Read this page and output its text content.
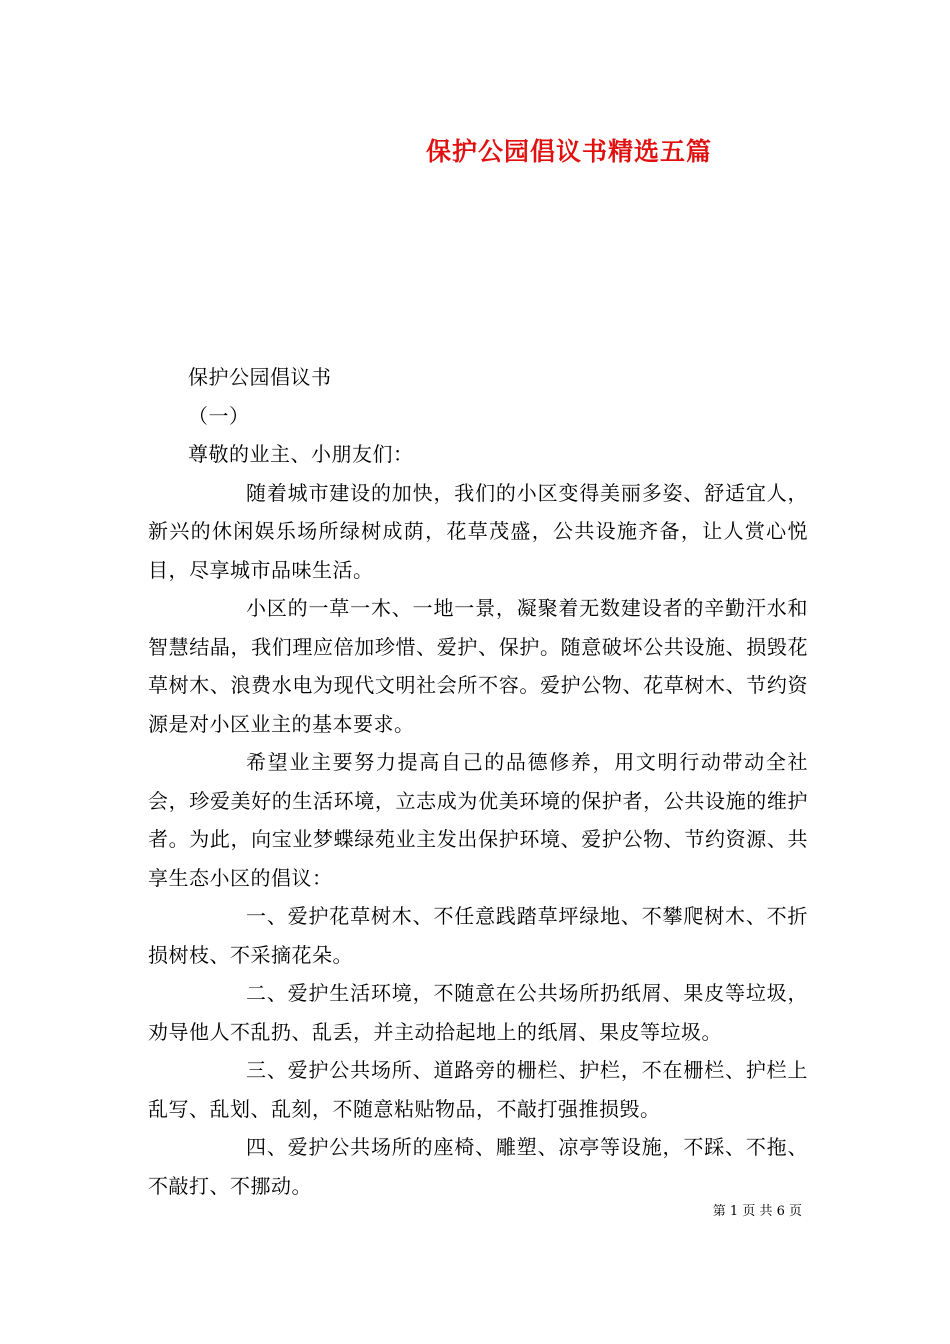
保护公园倡议书精选五篇

保护公园倡议书

（一）

尊敬的业主、小朋友们：

随着城市建设的加快，我们的小区变得美丽多姿、舒适宜人，新兴的休闲娱乐场所绿树成荫，花草茂盛，公共设施齐备，让人赏心悦目，尽享城市品味生活。

小区的一草一木、一地一景，凝聚着无数建设者的辛勤汗水和智慧结晶，我们理应倍加珍惜、爱护、保护。随意破坏公共设施、损毁花草树木、浪费水电为现代文明社会所不容。爱护公物、花草树木、节约资源是对小区业主的基本要求。

希望业主要努力提高自己的品德修养，用文明行动带动全社会，珍爱美好的生活环境，立志成为优美环境的保护者，公共设施的维护者。为此，向宝业梦蝶绿苑业主发出保护环境、爱护公物、节约资源、共享生态小区的倡议：

一、爱护花草树木、不任意践踏草坪绿地、不攀爬树木、不折损树枝、不采摘花朵。

二、爱护生活环境，不随意在公共场所扔纸屑、果皮等垃圾，劝导他人不乱扔、乱丢，并主动拾起地上的纸屑、果皮等垃圾。

三、爱护公共场所、道路旁的栅栏、护栏，不在栅栏、护栏上乱写、乱划、乱刻，不随意粘贴物品，不敲打强推损毁。

四、爱护公共场所的座椅、雕塑、凉亭等设施，不踩、不拖、不敲打、不挪动。

第 1 页 共 6 页
